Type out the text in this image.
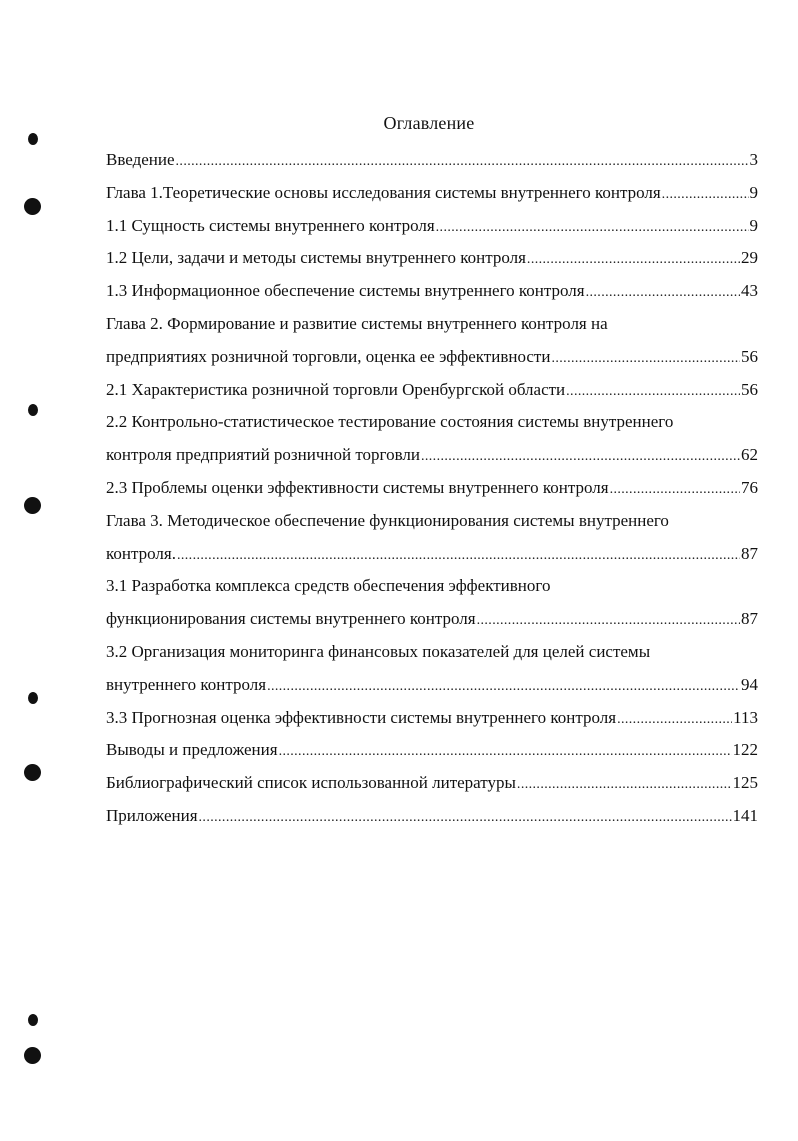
Оглавление
Введение .....	3
Глава 1.Теоретические основы исследования системы внутреннего контроля .....	9
1.1 Сущность системы внутреннего контроля .....	9
1.2 Цели, задачи и методы системы внутреннего контроля .....	29
1.3 Информационное обеспечение системы внутреннего контроля .....	43
Глава 2. Формирование и развитие системы внутреннего контроля на
предприятиях розничной торговли, оценка ее эффективности .....	56
2.1 Характеристика розничной торговли Оренбургской области .....	56
2.2 Контрольно-статистическое тестирование состояния системы внутреннего
контроля предприятий розничной торговли .....	62
2.3 Проблемы оценки эффективности системы внутреннего контроля .....	76
Глава 3. Методическое обеспечение функционирования системы внутреннего
контроля. .....	87
3.1 Разработка комплекса средств обеспечения эффективного
функционирования системы внутреннего контроля .....	87
3.2 Организация мониторинга финансовых показателей для целей системы
внутреннего контроля .....	94
3.3 Прогнозная оценка эффективности системы внутреннего контроля .....	113
Выводы и предложения .....	122
Библиографический список использованной литературы .....	125
Приложения .....	141
